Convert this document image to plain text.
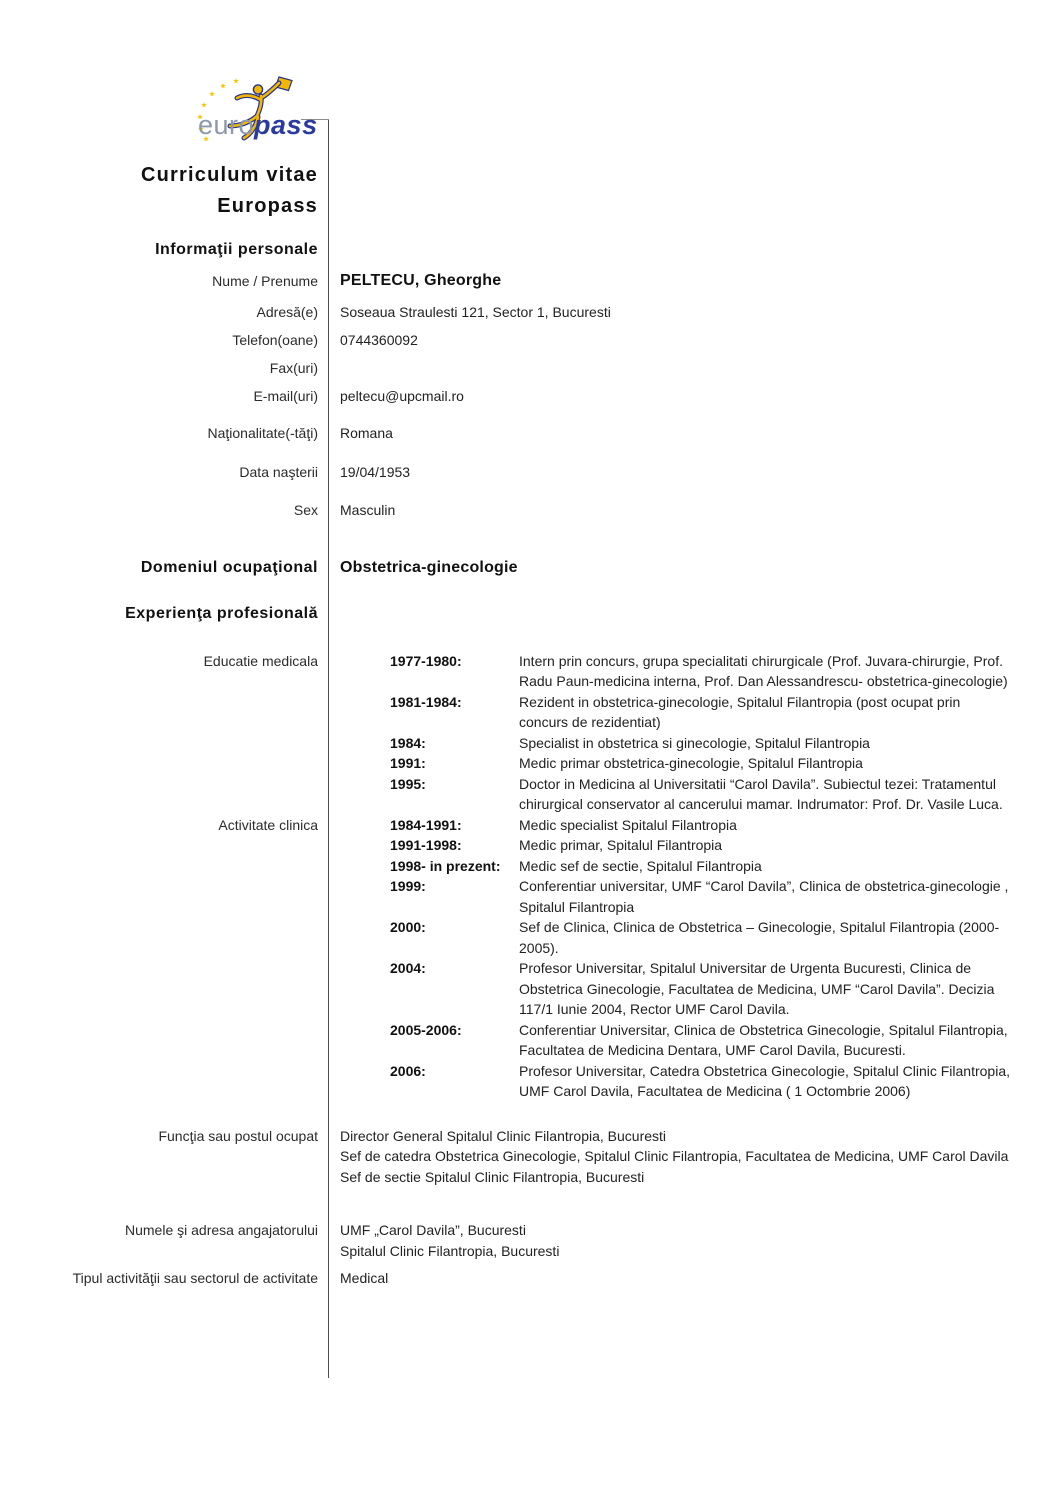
europass
Curriculum vitae
Europass
Informaţii personale
Nume / Prenume	PELTECU, Gheorghe
Adresă(e)	Soseaua Straulesti 121, Sector 1, Bucuresti
Telefon(oane)	0744360092
Fax(uri)
E-mail(uri)	peltecu@upcmail.ro
Naţionalitate(-tăţi)	Romana
Data naşterii	19/04/1953
Sex	Masculin
Domeniul ocupaţional	Obstetrica-ginecologie
Experienţa profesională
Educatie medicala	1977-1980:	Intern prin concurs, grupa specialitati chirurgicale (Prof. Juvara-chirurgie, Prof. Radu Paun-medicina interna, Prof. Dan Alessandrescu- obstetrica-ginecologie)
1981-1984:	Rezident in obstetrica-ginecologie, Spitalul Filantropia (post ocupat prin concurs de rezidentiat)
1984:	Specialist in obstetrica si ginecologie, Spitalul Filantropia
1991:	Medic primar obstetrica-ginecologie, Spitalul Filantropia
1995:	Doctor in Medicina al Universitatii “Carol Davila”. Subiectul tezei: Tratamentul chirurgical conservator al cancerului mamar. Indrumator: Prof. Dr. Vasile Luca.
Activitate clinica	1984-1991:	Medic specialist Spitalul Filantropia
1991-1998:	Medic primar, Spitalul Filantropia
1998- in prezent:	Medic sef de sectie, Spitalul Filantropia
1999:	Conferentiar universitar, UMF “Carol Davila”, Clinica de obstetrica-ginecologie , Spitalul Filantropia
2000:	Sef de Clinica, Clinica de Obstetrica – Ginecologie, Spitalul Filantropia (2000-2005).
2004:	Profesor Universitar, Spitalul Universitar de Urgenta Bucuresti, Clinica de Obstetrica Ginecologie, Facultatea de Medicina, UMF “Carol Davila”. Decizia 117/1 Iunie 2004, Rector UMF Carol Davila.
2005-2006:	Conferentiar Universitar, Clinica de Obstetrica Ginecologie, Spitalul Filantropia, Facultatea de Medicina Dentara, UMF Carol Davila, Bucuresti.
2006:	Profesor Universitar, Catedra Obstetrica Ginecologie, Spitalul Clinic Filantropia, UMF Carol Davila, Facultatea de Medicina ( 1 Octombrie 2006)
Funcţia sau postul ocupat	Director General Spitalul Clinic Filantropia, Bucuresti
Sef de catedra Obstetrica Ginecologie, Spitalul Clinic Filantropia, Facultatea de Medicina, UMF Carol Davila
Sef de sectie Spitalul Clinic Filantropia, Bucuresti
Numele şi adresa angajatorului	UMF „Carol Davila”, Bucuresti
Spitalul Clinic Filantropia, Bucuresti
Tipul activităţii sau sectorul de activitate	Medical
